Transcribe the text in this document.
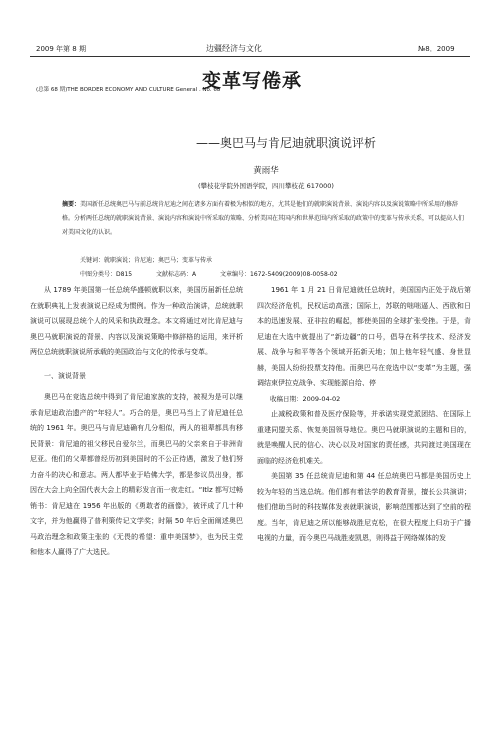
2009 年第 8 期	边疆经济与文化	№8．2009
(总第 68 期)THE BORDER ECONOMY AND CULTURE General . No. 68
变革写倦承
——奥巴马与肯尼迪就职演说评析
黄雨华
(攀枝花学院外国语学院，四川攀枝花 617000)
摘要：美国新任总统奥巴马与前总统肯尼迪之间在诸多方面有着极为相似的地方，尤其是他们的就职演说背景、演说内容以及演说策略中所采用的修辞格。分析两任总统的就职演说背景、演说内容和演说中所采取的策略、分析美国在其国内和世界范围内所采取的政策中的变革与传承关系，可以提高人们对美国文化的认识。
关键词：就职演说；肯尼迪；奥巴马；变革与传承
中图分类号：D815	文献标志码：A	文章编号：1672-5409(2009)08-0058-02

从 1789 年美国第一任总统华盛顿就职以来，美国历届新任总统在就职典礼上发表演说已经成为惯例。作为一种政治演讲，总统就职演说可以展现总统个人的风采和执政理念。本文将通过对比肯尼迪与奥巴马就职演说的背景、内容以及演说策略中修辞格的运用，来评析两位总统就职演说所承载的美国政治与文化的传承与变革。

一、演说背景

奥巴马在竞选总统中得到了肯尼迪家族的支持，被视为是可以继承肯尼迪政治遗产的“年轻人”。巧合的是，奥巴马当上了肯尼迪任总统的 1961 年。奥巴马与肯尼迪确有几分相似，两人的祖辈都具有移民背景：肯尼迪的祖父移民自爱尔兰，而奥巴马的父亲来自于非洲肯尼亚。他们的父辈都曾经历初到美国时的不公正待遇，激发了他们努力奋斗的决心和意志。两人都毕业于哈佛大学，都是参议员出身，都因在大会上向全国代表大会上的精彩发言而一夜走红。“Itlz 都写过畅销书：肯尼迪在 1956 年出版的《勇敢者的画像》，被评成了几十种文字，并为他赢得了普利策传记文学奖；时隔 50 年后全面阐述奥巴马政治理念和政策主张的《无畏的希望：重申美国梦》，也为民主党和他本人赢得了广大选民。

1961 年 1 月 21 日肯尼迪就任总统时，美国国内正处于战后第四次经济危机，民权运动高涨；国际上，苏联的咄咄逼人、西欧和日本的迅速发展、亚非拉的崛起，都使美国的全球扩张受挫。于是，肯尼迪在大选中就提出了“新边疆”的口号，倡导在科学技术、经济发展、战争与和平等各个领域开拓新天地；加上他年轻气盛、身世显赫，美国人纷纷投票支持他。而奥巴马在竞选中以“变革”为主题，强调结束伊拉克战争、实现能源自给、停

收稿日期：2009-04-02

止减税政策和普及医疗保险等，并承诺实现党派团结、在国际上重建同盟关系、恢复美国领导地位。奥巴马就职演说的主题和目的，就是唤醒人民的信心、决心以及对国家的责任感，共同渡过美国现在面临的经济危机难关。

美国第 35 任总统肯尼迪和第 44 任总统奥巴马都是美国历史上较为年轻的当选总统。他们都有着法学的教育背景，擅长公共演讲；他们借助当时的科技媒体发表就职演说，影响范围都达到了空前的程度。当年，肯尼迪之所以能够战胜尼克松，在很大程度上归功于广播电视的力量，而今奥巴马战胜麦凯恩，则得益于网络媒体的发
